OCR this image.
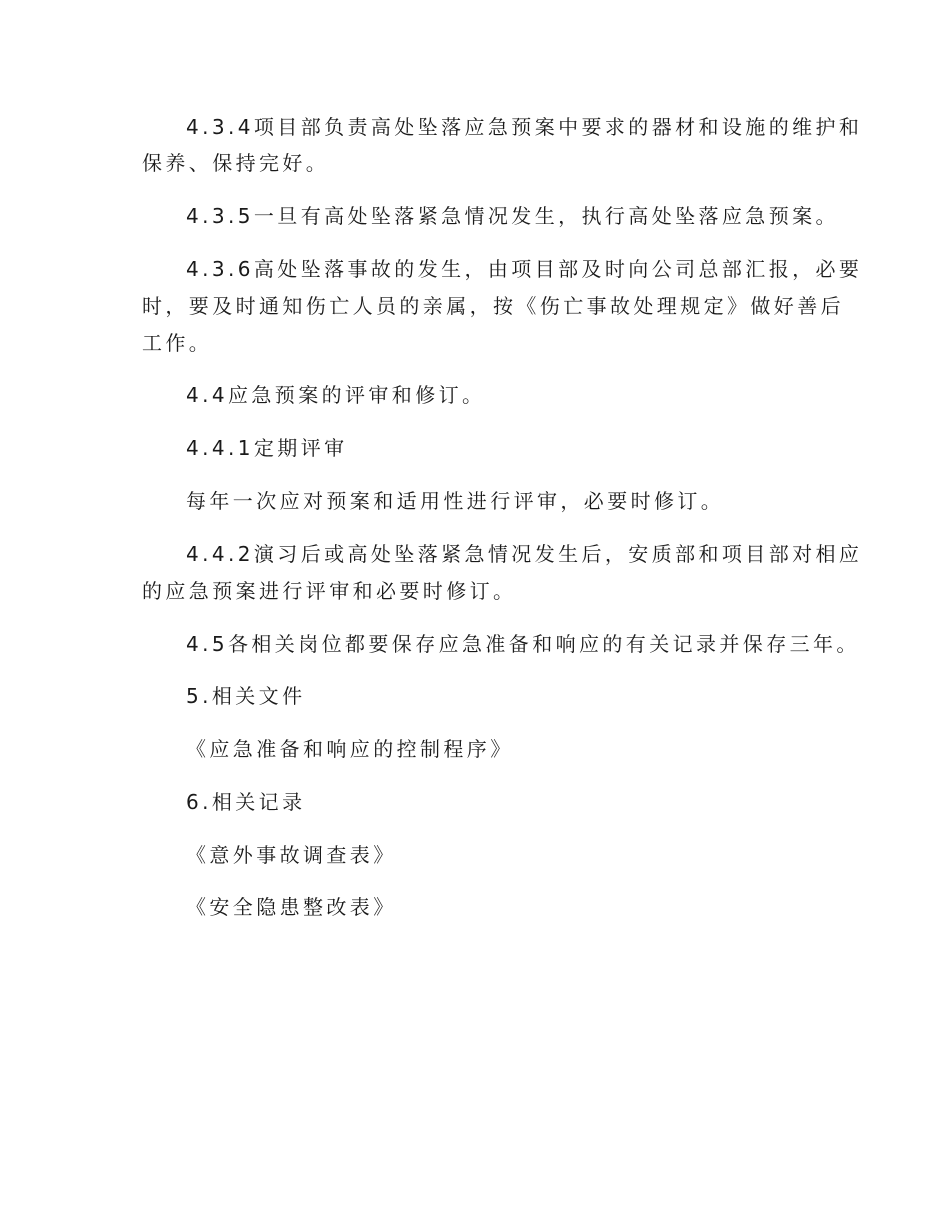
4.3.4项目部负责高处坠落应急预案中要求的器材和设施的维护和
保养、保持完好。
4.3.5一旦有高处坠落紧急情况发生，执行高处坠落应急预案。
4.3.6高处坠落事故的发生，由项目部及时向公司总部汇报，必要
时，要及时通知伤亡人员的亲属，按《伤亡事故处理规定》做好善后
工作。
4.4应急预案的评审和修订。
4.4.1定期评审
每年一次应对预案和适用性进行评审，必要时修订。
4.4.2演习后或高处坠落紧急情况发生后，安质部和项目部对相应
的应急预案进行评审和必要时修订。
4.5各相关岗位都要保存应急准备和响应的有关记录并保存三年。
5.相关文件
《应急准备和响应的控制程序》
6.相关记录
《意外事故调查表》
《安全隐患整改表》
